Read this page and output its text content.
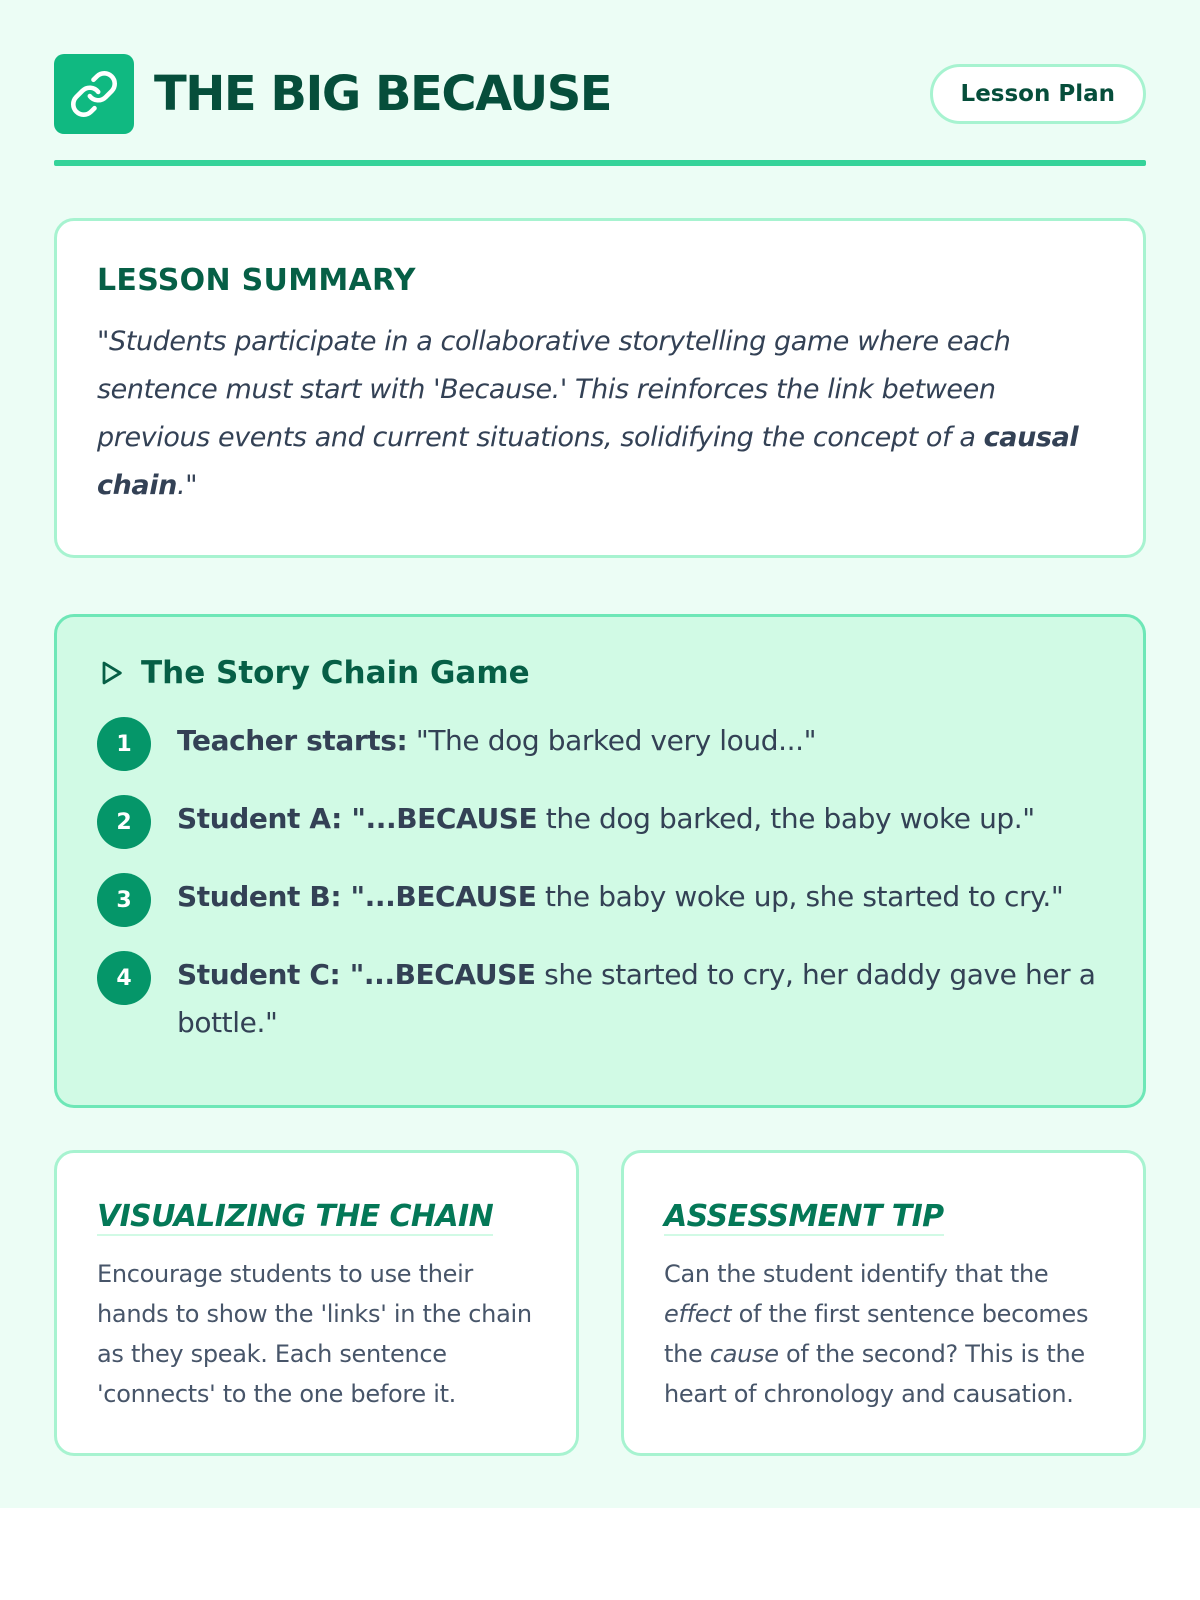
THE BIG BECAUSE	Lesson Plan
LESSON SUMMARY

"Students participate in a collaborative storytelling game where each sentence must start with 'Because.' This reinforces the link between previous events and current situations, solidifying the concept of a causal chain."

The Story Chain Game
1	Teacher starts: "The dog barked very loud..."
2	Student A: "...BECAUSE the dog barked, the baby woke up."
3	Student B: "...BECAUSE the baby woke up, she started to cry."
4	Student C: "...BECAUSE she started to cry, her daddy gave her a bottle."
VISUALIZING THE CHAIN

Encourage students to use their hands to show the 'links' in the chain as they speak. Each sentence 'connects' to the one before it.

ASSESSMENT TIP

Can the student identify that the effect of the first sentence becomes the cause of the second? This is the heart of chronology and causation.
